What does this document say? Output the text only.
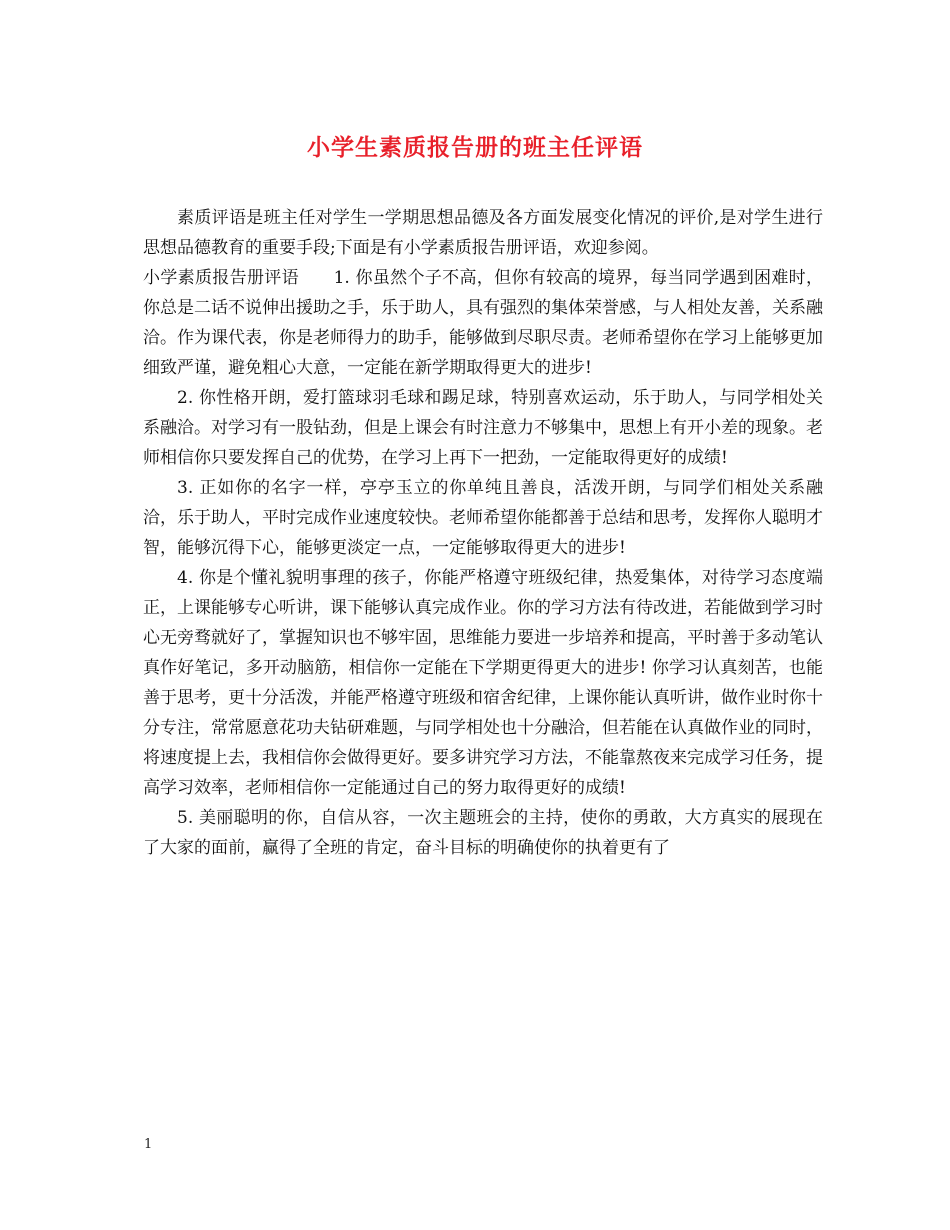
小学生素质报告册的班主任评语

素质评语是班主任对学生一学期思想品德及各方面发展变化情况的评价,是对学生进行思想品德教育的重要手段;下面是有小学素质报告册评语，欢迎参阅。

小学素质报告册评语　　1. 你虽然个子不高，但你有较高的境界，每当同学遇到困难时，你总是二话不说伸出援助之手，乐于助人，具有强烈的集体荣誉感，与人相处友善，关系融洽。作为课代表，你是老师得力的助手，能够做到尽职尽责。老师希望你在学习上能够更加细致严谨，避免粗心大意，一定能在新学期取得更大的进步!

2. 你性格开朗，爱打篮球羽毛球和踢足球，特别喜欢运动，乐于助人，与同学相处关系融洽。对学习有一股钻劲，但是上课会有时注意力不够集中，思想上有开小差的现象。老师相信你只要发挥自己的优势，在学习上再下一把劲，一定能取得更好的成绩!

3. 正如你的名字一样，亭亭玉立的你单纯且善良，活泼开朗，与同学们相处关系融洽，乐于助人，平时完成作业速度较快。老师希望你能都善于总结和思考，发挥你人聪明才智，能够沉得下心，能够更淡定一点，一定能够取得更大的进步!

4. 你是个懂礼貌明事理的孩子，你能严格遵守班级纪律，热爱集体，对待学习态度端正，上课能够专心听讲，课下能够认真完成作业。你的学习方法有待改进，若能做到学习时心无旁骛就好了，掌握知识也不够牢固，思维能力要进一步培养和提高，平时善于多动笔认真作好笔记，多开动脑筋，相信你一定能在下学期更得更大的进步! 你学习认真刻苦，也能善于思考，更十分活泼，并能严格遵守班级和宿舍纪律，上课你能认真听讲，做作业时你十分专注，常常愿意花功夫钻研难题，与同学相处也十分融洽，但若能在认真做作业的同时，将速度提上去，我相信你会做得更好。要多讲究学习方法，不能靠熬夜来完成学习任务，提高学习效率，老师相信你一定能通过自己的努力取得更好的成绩!

5. 美丽聪明的你，自信从容，一次主题班会的主持，使你的勇敢，大方真实的展现在了大家的面前，赢得了全班的肯定，奋斗目标的明确使你的执着更有了

1
